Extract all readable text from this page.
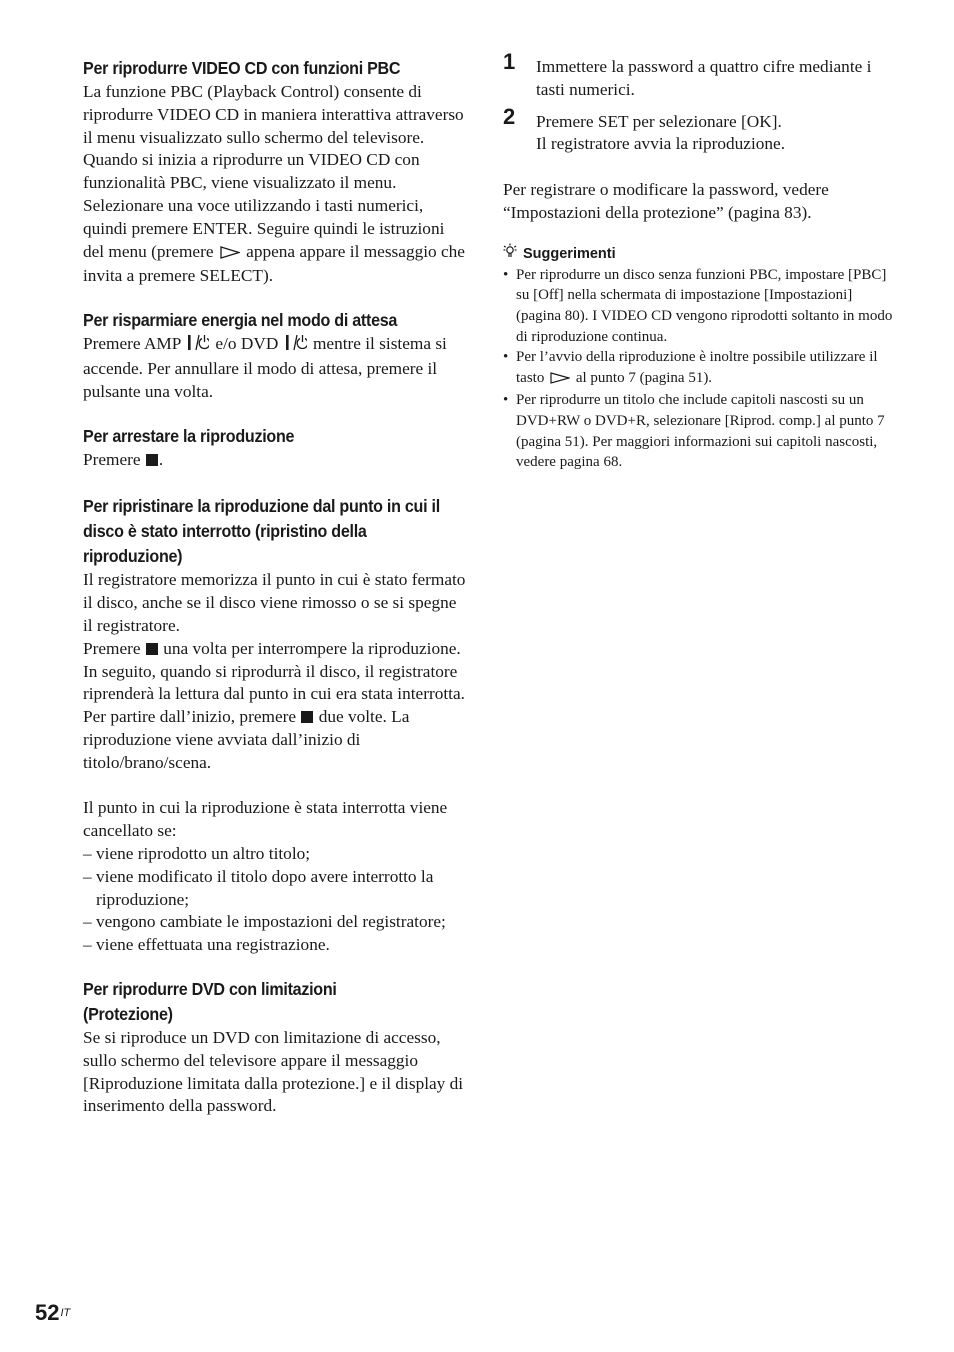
Per riprodurre VIDEO CD con funzioni PBC

La funzione PBC (Playback Control) consente di riprodurre VIDEO CD in maniera interattiva attraverso il menu visualizzato sullo schermo del televisore.

Quando si inizia a riprodurre un VIDEO CD con funzionalità PBC, viene visualizzato il menu. Selezionare una voce utilizzando i tasti numerici, quindi premere ENTER. Seguire quindi le istruzioni del menu (premere appena appare il messaggio che invita a premere SELECT).

Per risparmiare energia nel modo di attesa

Premere AMP e/o DVD mentre il sistema si accende. Per annullare il modo di attesa, premere il pulsante una volta.

Per arrestare la riproduzione

Premere .

Per ripristinare la riproduzione dal punto in cui il disco è stato interrotto (ripristino della riproduzione)

Il registratore memorizza il punto in cui è stato fermato il disco, anche se il disco viene rimosso o se si spegne il registratore.

Premere una volta per interrompere la riproduzione. In seguito, quando si riprodurrà il disco, il registratore riprenderà la lettura dal punto in cui era stata interrotta.

Per partire dall’inizio, premere due volte. La riproduzione viene avviata dall’inizio di titolo/brano/scena.

Il punto in cui la riproduzione è stata interrotta viene cancellato se:

– viene riprodotto un altro titolo;
– viene modificato il titolo dopo avere interrotto la riproduzione;
– vengono cambiate le impostazioni del registratore;
– viene effettuata una registrazione.
Per riprodurre DVD con limitazioni (Protezione)

Se si riproduce un DVD con limitazione di accesso, sullo schermo del televisore appare il messaggio [Riproduzione limitata dalla protezione.] e il display di inserimento della password.

1 Immettere la password a quattro cifre mediante i tasti numerici.
2 Premere SET per selezionare [OK].
Il registratore avvia la riproduzione.

Per registrare o modificare la password, vedere “Impostazioni della protezione” (pagina 83).

Suggerimenti
• Per riprodurre un disco senza funzioni PBC, impostare [PBC] su [Off] nella schermata di impostazione [Impostazioni] (pagina 80). I VIDEO CD vengono riprodotti soltanto in modo di riproduzione continua.
• Per l’avvio della riproduzione è inoltre possibile utilizzare il tasto al punto 7 (pagina 51).
• Per riprodurre un titolo che include capitoli nascosti su un DVD+RW o DVD+R, selezionare [Riprod. comp.] al punto 7 (pagina 51). Per maggiori informazioni sui capitoli nascosti, vedere pagina 68.
$52^{IT}$
